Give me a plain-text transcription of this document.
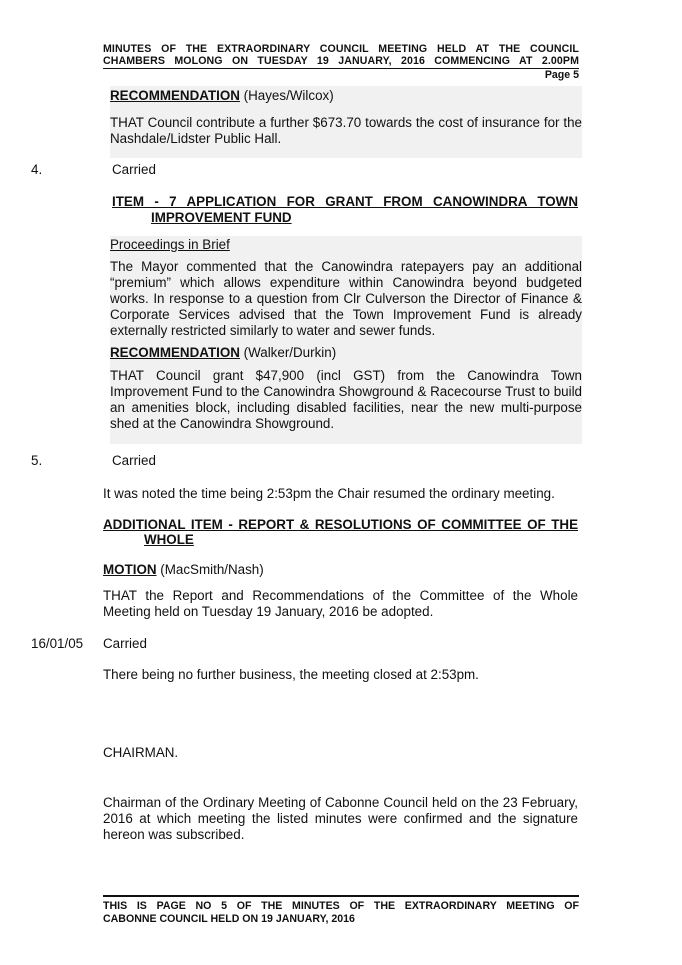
MINUTES OF THE EXTRAORDINARY COUNCIL MEETING HELD AT THE COUNCIL
CHAMBERS MOLONG ON TUESDAY 19 JANUARY, 2016 COMMENCING AT 2.00PM
Page 5
RECOMMENDATION (Hayes/Wilcox)
THAT Council contribute a further $673.70 towards the cost of insurance for the Nashdale/Lidster Public Hall.
4.	Carried
ITEM - 7 APPLICATION FOR GRANT FROM CANOWINDRA TOWN
IMPROVEMENT FUND
Proceedings in Brief
The Mayor commented that the Canowindra ratepayers pay an additional “premium” which allows expenditure within Canowindra beyond budgeted works. In response to a question from Clr Culverson the Director of Finance & Corporate Services advised that the Town Improvement Fund is already externally restricted similarly to water and sewer funds.
RECOMMENDATION (Walker/Durkin)
THAT Council grant $47,900 (incl GST) from the Canowindra Town Improvement Fund to the Canowindra Showground & Racecourse Trust to build an amenities block, including disabled facilities, near the new multi-purpose shed at the Canowindra Showground.
5.	Carried
It was noted the time being 2:53pm the Chair resumed the ordinary meeting.
ADDITIONAL ITEM - REPORT & RESOLUTIONS OF COMMITTEE OF THE
WHOLE
MOTION (MacSmith/Nash)
THAT the Report and Recommendations of the Committee of the Whole Meeting held on Tuesday 19 January, 2016 be adopted.
16/01/05 Carried
There being no further business, the meeting closed at 2:53pm.
CHAIRMAN.
Chairman of the Ordinary Meeting of Cabonne Council held on the 23 February, 2016 at which meeting the listed minutes were confirmed and the signature hereon was subscribed.
THIS IS PAGE NO 5 OF THE MINUTES OF THE EXTRAORDINARY MEETING OF
CABONNE COUNCIL HELD ON 19 JANUARY, 2016
